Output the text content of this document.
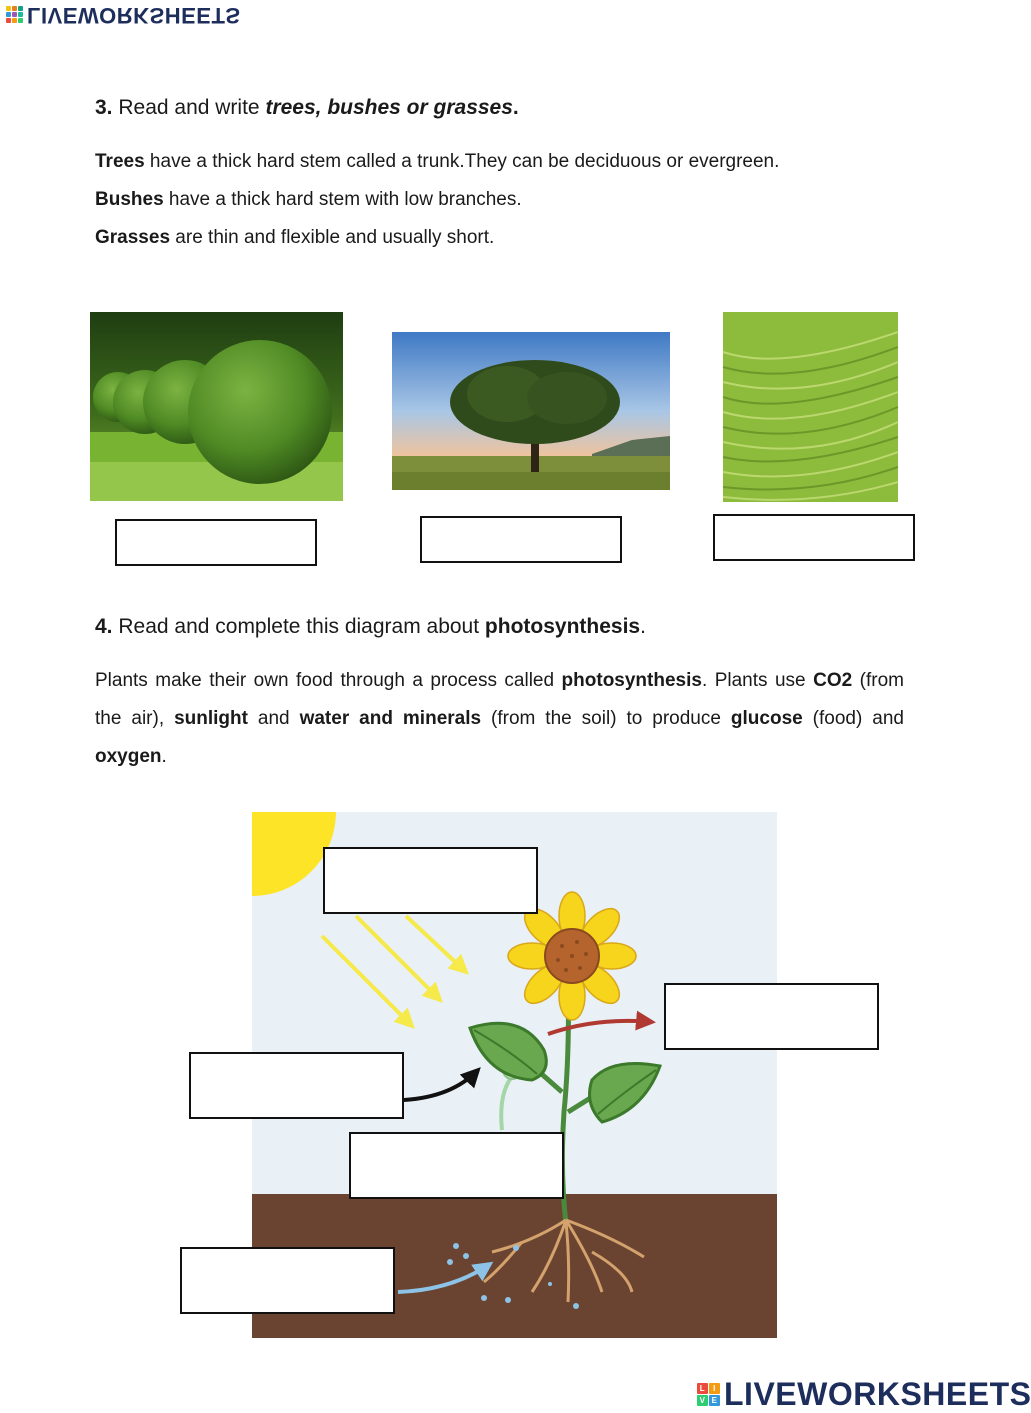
LIVEWORKSHEETS
3. Read and write trees, bushes or grasses.
Trees have a thick hard stem called a trunk.They can be deciduous or evergreen.
Bushes have a thick hard stem with low branches.
Grasses are thin and flexible and usually short.
4. Read and complete this diagram about photosynthesis.
Plants make their own food through a process called photosynthesis. Plants use CO2 (from the air), sunlight and water and minerals (from the soil) to produce glucose (food) and oxygen.
L I
V E LIVEWORKSHEETS
